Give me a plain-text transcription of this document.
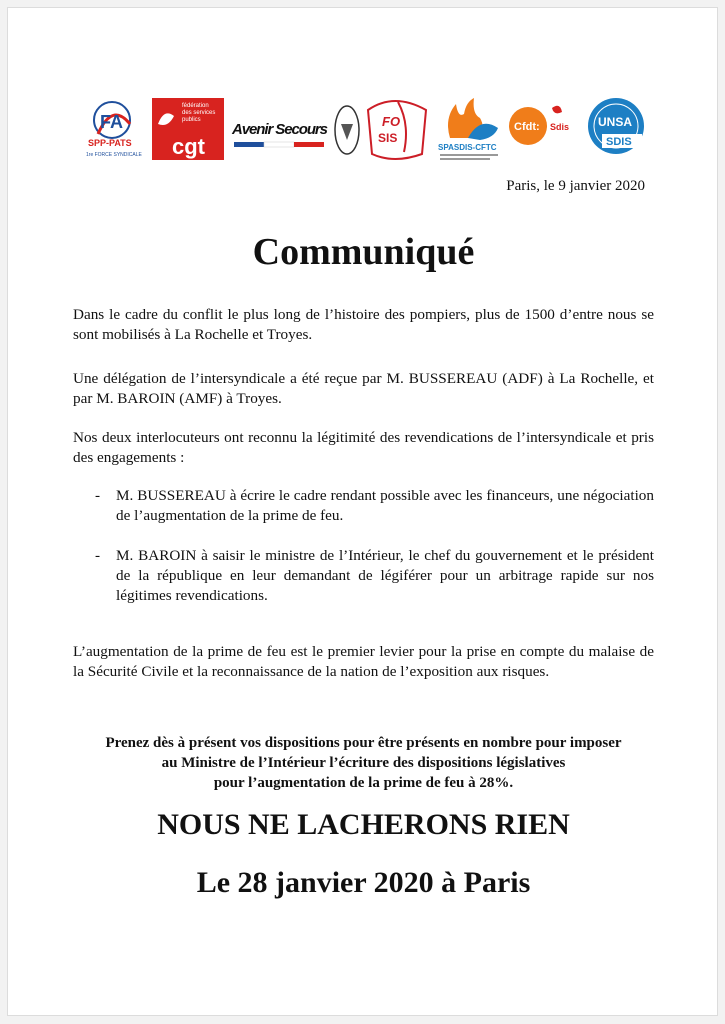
FA
SPP-PATS
1re FORCE SYNDICALE
fédération
des services
publics
cgt
Avenir Secours	FO
SIS
SPASDIS-CFTC
Cfdt: Sdis UNSA
SDIS
Paris, le 9 janvier 2020
Communiqué

Dans le cadre du conflit le plus long de l’histoire des pompiers, plus de 1500 d’entre nous se sont mobilisés à La Rochelle et Troyes.

Une délégation de l’intersyndicale a été reçue par M. BUSSEREAU (ADF) à La Rochelle, et par M. BAROIN (AMF) à Troyes.

Nos deux interlocuteurs ont reconnu la légitimité des revendications de l’intersyndicale et pris des engagements :

- M. BUSSEREAU à écrire le cadre rendant possible avec les financeurs, une négociation de l’augmentation de la prime de feu.
- M. BAROIN à saisir le ministre de l’Intérieur, le chef du gouvernement et le président de la république en leur demandant de légiférer pour un arbitrage rapide sur nos légitimes revendications.

L’augmentation de la prime de feu est le premier levier pour la prise en compte du malaise de la Sécurité Civile et la reconnaissance de la nation de l’exposition aux risques.

Prenez dès à présent vos dispositions pour être présents en nombre pour imposer
au Ministre de l’Intérieur l’écriture des dispositions législatives
pour l’augmentation de la prime de feu à 28%.
NOUS NE LACHERONS RIEN
Le 28 janvier 2020 à Paris
